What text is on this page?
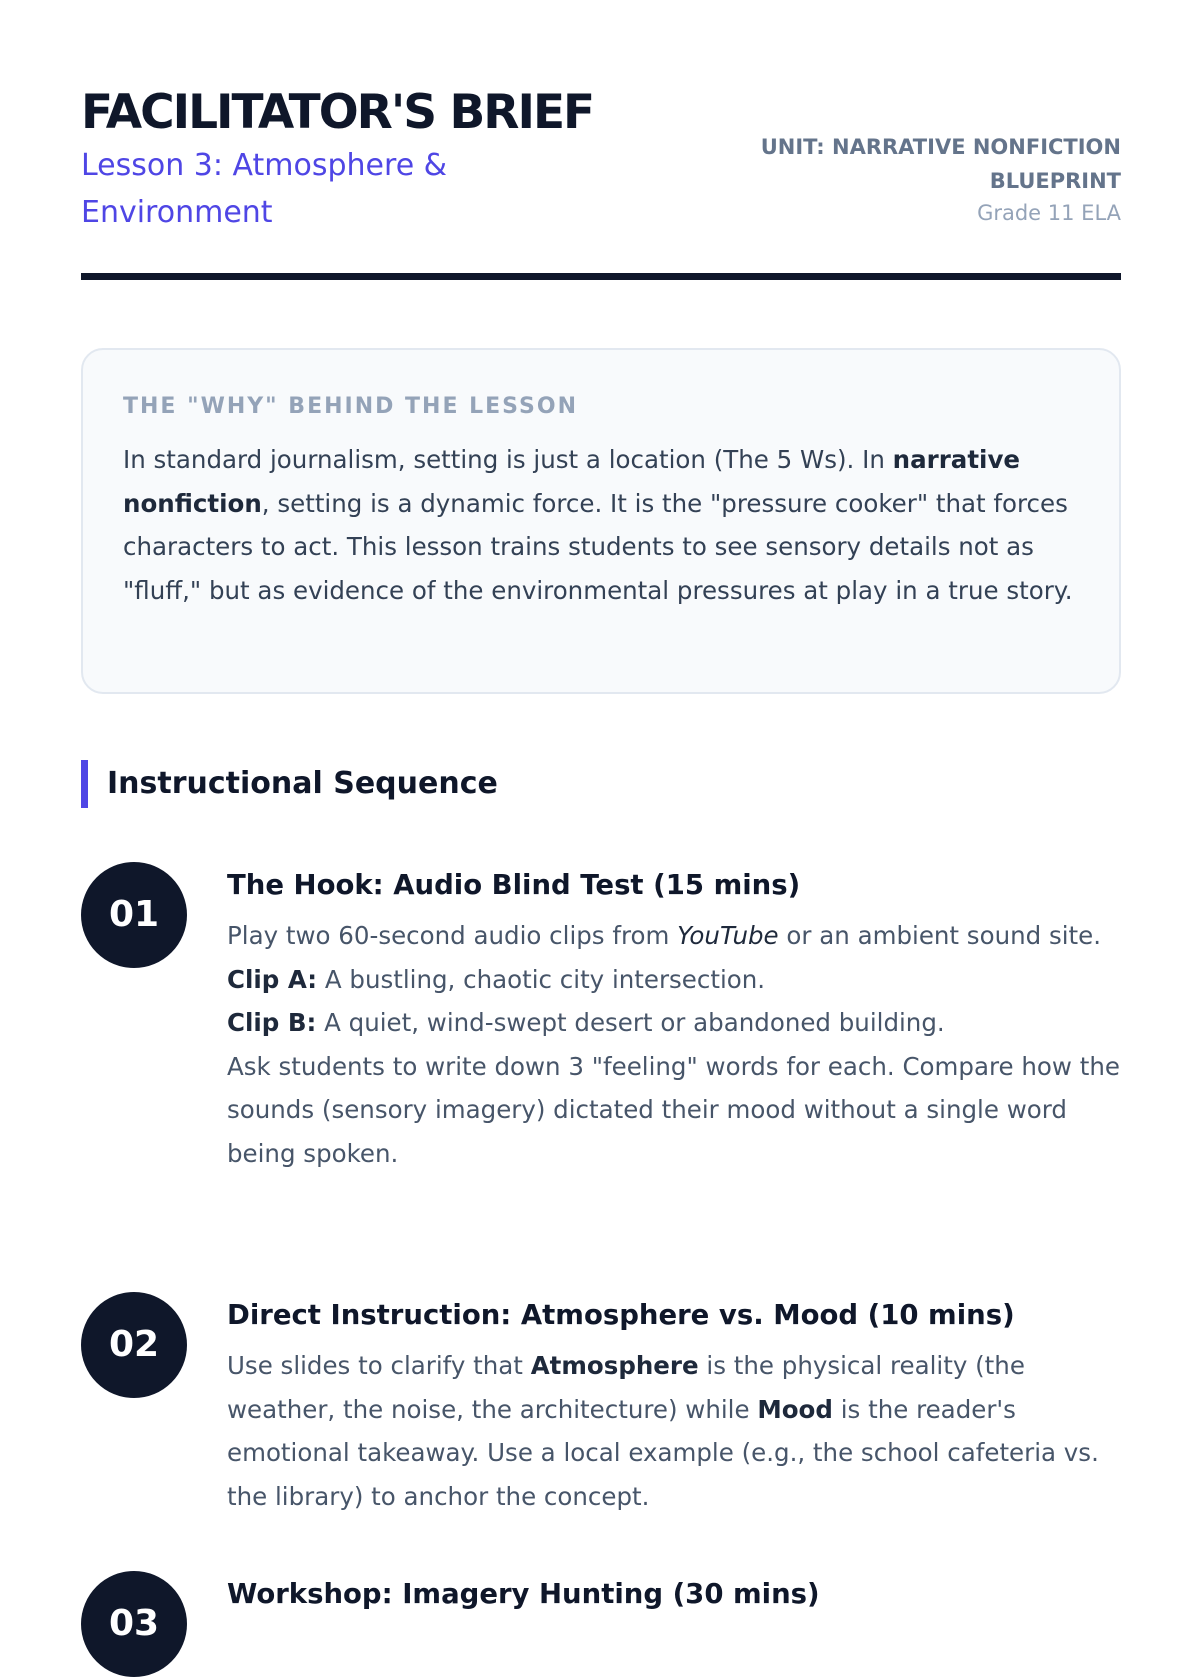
FACILITATOR'S BRIEF
Lesson 3: Atmosphere & Environment
UNIT: NARRATIVE NONFICTION BLUEPRINT
Grade 11 ELA
THE "WHY" BEHIND THE LESSON

In standard journalism, setting is just a location (The 5 Ws). In narrative nonfiction, setting is a dynamic force. It is the "pressure cooker" that forces characters to act. This lesson trains students to see sensory details not as "fluff," but as evidence of the environmental pressures at play in a true story.

Instructional Sequence
01
The Hook: Audio Blind Test (15 mins)

Play two 60-second audio clips from YouTube or an ambient sound site.

Clip A: A bustling, chaotic city intersection.

Clip B: A quiet, wind-swept desert or abandoned building.

Ask students to write down 3 "feeling" words for each. Compare how the sounds (sensory imagery) dictated their mood without a single word being spoken.

02
Direct Instruction: Atmosphere vs. Mood (10 mins)

Use slides to clarify that Atmosphere is the physical reality (the weather, the noise, the architecture) while Mood is the reader's emotional takeaway. Use a local example (e.g., the school cafeteria vs. the library) to anchor the concept.

03
Workshop: Imagery Hunting (30 mins)
